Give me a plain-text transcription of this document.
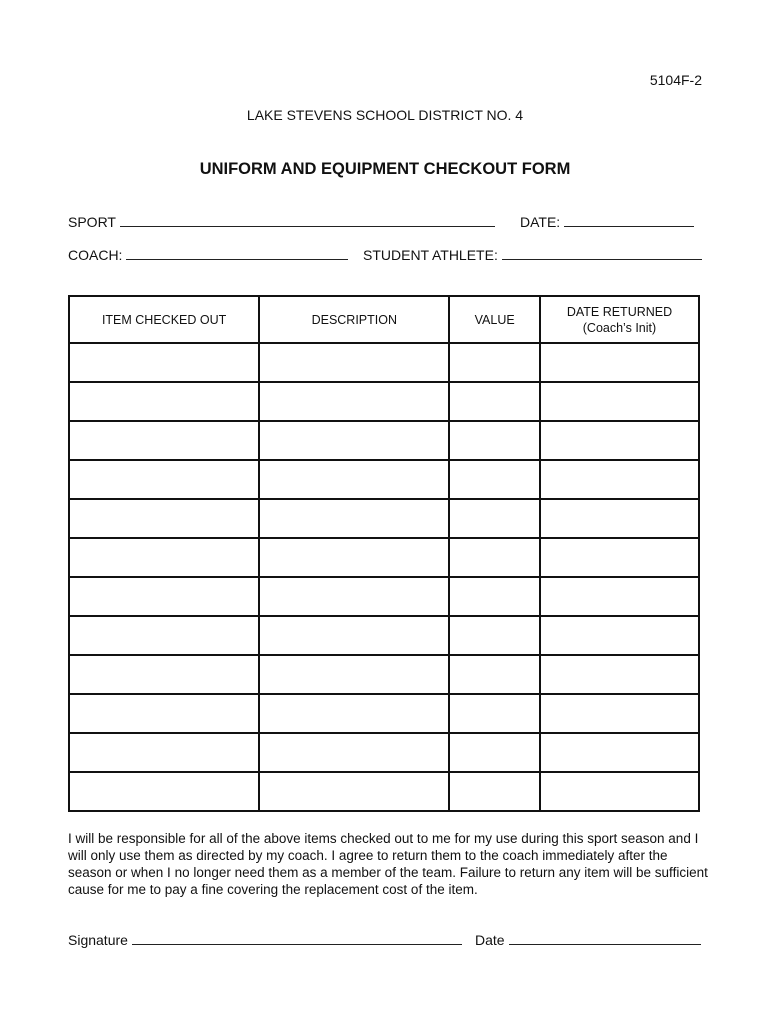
5104F-2
LAKE STEVENS SCHOOL DISTRICT NO. 4
UNIFORM AND EQUIPMENT CHECKOUT FORM
SPORT	DATE:
COACH:	STUDENT ATHLETE:
ITEM CHECKED OUT	DESCRIPTION	VALUE	DATE RETURNED
(Coach’s Init)

I will be responsible for all of the above items checked out to me for my use during this sport season and I will only use them as directed by my coach. I agree to return them to the coach immediately after the season or when I no longer need them as a member of the team. Failure to return any item will be sufficient cause for me to pay a fine covering the replacement cost of the item.
Signature	Date
